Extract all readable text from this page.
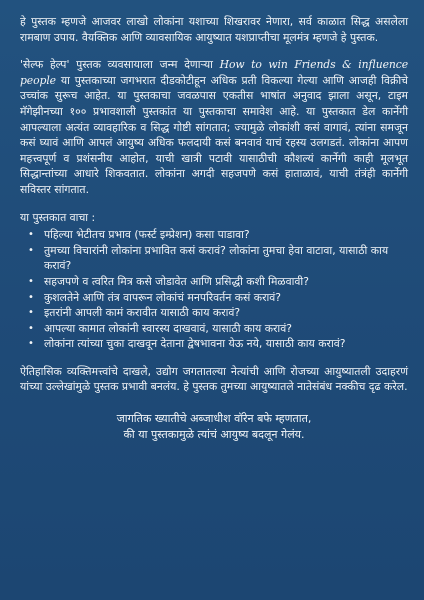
हे पुस्तक म्हणजे आजवर लाखो लोकांना यशाच्या शिखरावर नेणारा, सर्व काळात सिद्ध असलेला रामबाण उपाय. वैयक्तिक आणि व्यावसायिक आयुष्यात यशप्राप्तीचा मूलमंत्र म्हणजे हे पुस्तक.

'सेल्फ हेल्प' पुस्तक व्यवसायाला जन्म देणाऱ्या How to win Friends & influence people या पुस्तकाच्या जगभरात दीडकोटीहून अधिक प्रती विकल्या गेल्या आणि आजही विक्रीचे उच्चांक सुरूच आहेत. या पुस्तकाचा जवळपास एकतीस भाषांत अनुवाद झाला असून, टाइम मॅगेझीनच्या १०० प्रभावशाली पुस्तकांत या पुस्तकाचा समावेश आहे. या पुस्तकात डेल कार्नेगी आपल्याला अत्यंत व्यावहारिक व सिद्ध गोष्टी सांगतात; ज्यामुळे लोकांशी कसं वागावं, त्यांना समजून कसं घ्यावं आणि आपलं आयुष्य अधिक फलदायी कसं बनवावं याचं रहस्य उलगडतं. लोकांना आपण महत्त्वपूर्ण व प्रशंसनीय आहोत, याची खात्री पटावी यासाठीची कौशल्यं कार्नेगी काही मूलभूत सिद्धान्तांच्या आधारे शिकवतात. लोकांना अगदी सहजपणे कसं हाताळावं, याची तंत्रंही कार्नेगी सविस्तर सांगतात.

या पुस्तकात वाचा :

• पहिल्या भेटीतच प्रभाव (फर्स्ट इम्प्रेशन) कसा पाडावा?
• तुमच्या विचारांनी लोकांना प्रभावित कसं करावं? लोकांना तुमचा हेवा वाटावा, यासाठी काय करावं?
• सहजपणे व त्वरित मित्र कसे जोडावेत आणि प्रसिद्धी कशी मिळवावी?
• कुशलतेने आणि तंत्र वापरून लोकांचं मनपरिवर्तन कसं करावं?
• इतरांनी आपली कामं करावीत यासाठी काय करावं?
• आपल्या कामात लोकांनी स्वारस्य दाखवावं, यासाठी काय करावं?
• लोकांना त्यांच्या चुका दाखवून देताना द्वेषभावना येऊ नये, यासाठी काय करावं?

ऐतिहासिक व्यक्तिमत्त्वांचे दाखले, उद्योग जगतातल्या नेत्यांची आणि रोजच्या आयुष्यातली उदाहरणं यांच्या उल्लेखांमुळे पुस्तक प्रभावी बनलंय. हे पुस्तक तुमच्या आयुष्यातले नातेसंबंध नक्कीच दृढ करेल.

जागतिक ख्यातीचे अब्जाधीश वॉरेन बफे म्हणतात,
की या पुस्तकामुळे त्यांचं आयुष्य बदलून गेलंय.
